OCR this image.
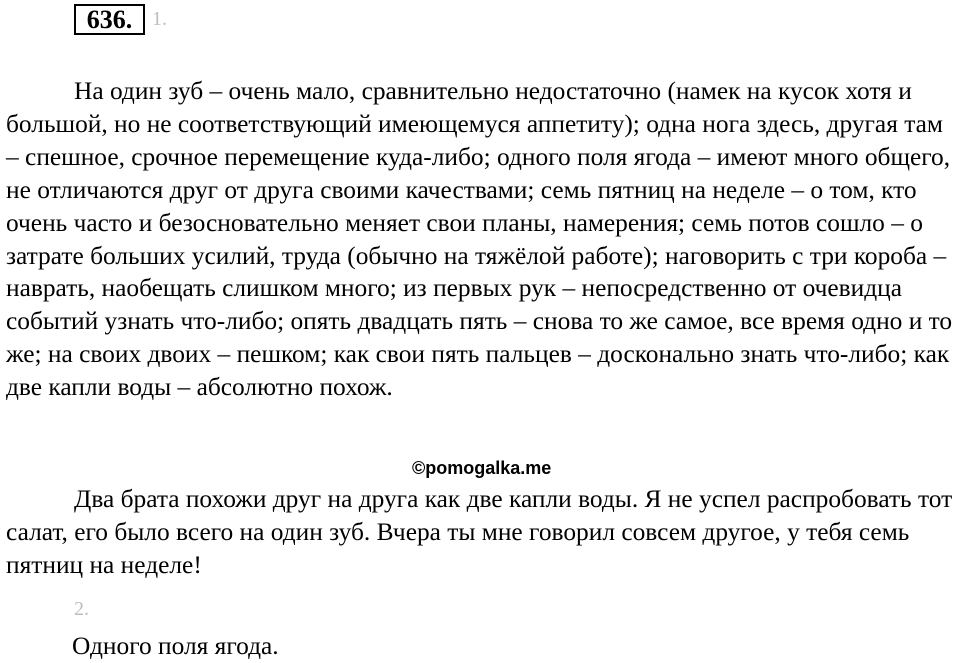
636. 1.

На один зуб – очень мало, сравнительно недостаточно (намек на кусок хотя и большой, но не соответствующий имеющемуся аппетиту); одна нога здесь, другая там – спешное, срочное перемещение куда-либо; одного поля ягода – имеют много общего, не отличаются друг от друга своими качествами; семь пятниц на неделе – о том, кто очень часто и безосновательно меняет свои планы, намерения; семь потов сошло – о затрате больших усилий, труда (обычно на тяжёлой работе); наговорить с три короба – наврать, наобещать слишком много; из первых рук – непосредственно от очевидца событий узнать что-либо; опять двадцать пять – снова то же самое, все время одно и то же; на своих двоих – пешком; как свои пять пальцев – досконально знать что-либо; как две капли воды – абсолютно похож.

©pomogalka.me

Два брата похожи друг на друга как две капли воды. Я не успел распробовать тот салат, его было всего на один зуб. Вчера ты мне говорил совсем другое, у тебя семь пятниц на неделе!

2.

Одного поля ягода.
